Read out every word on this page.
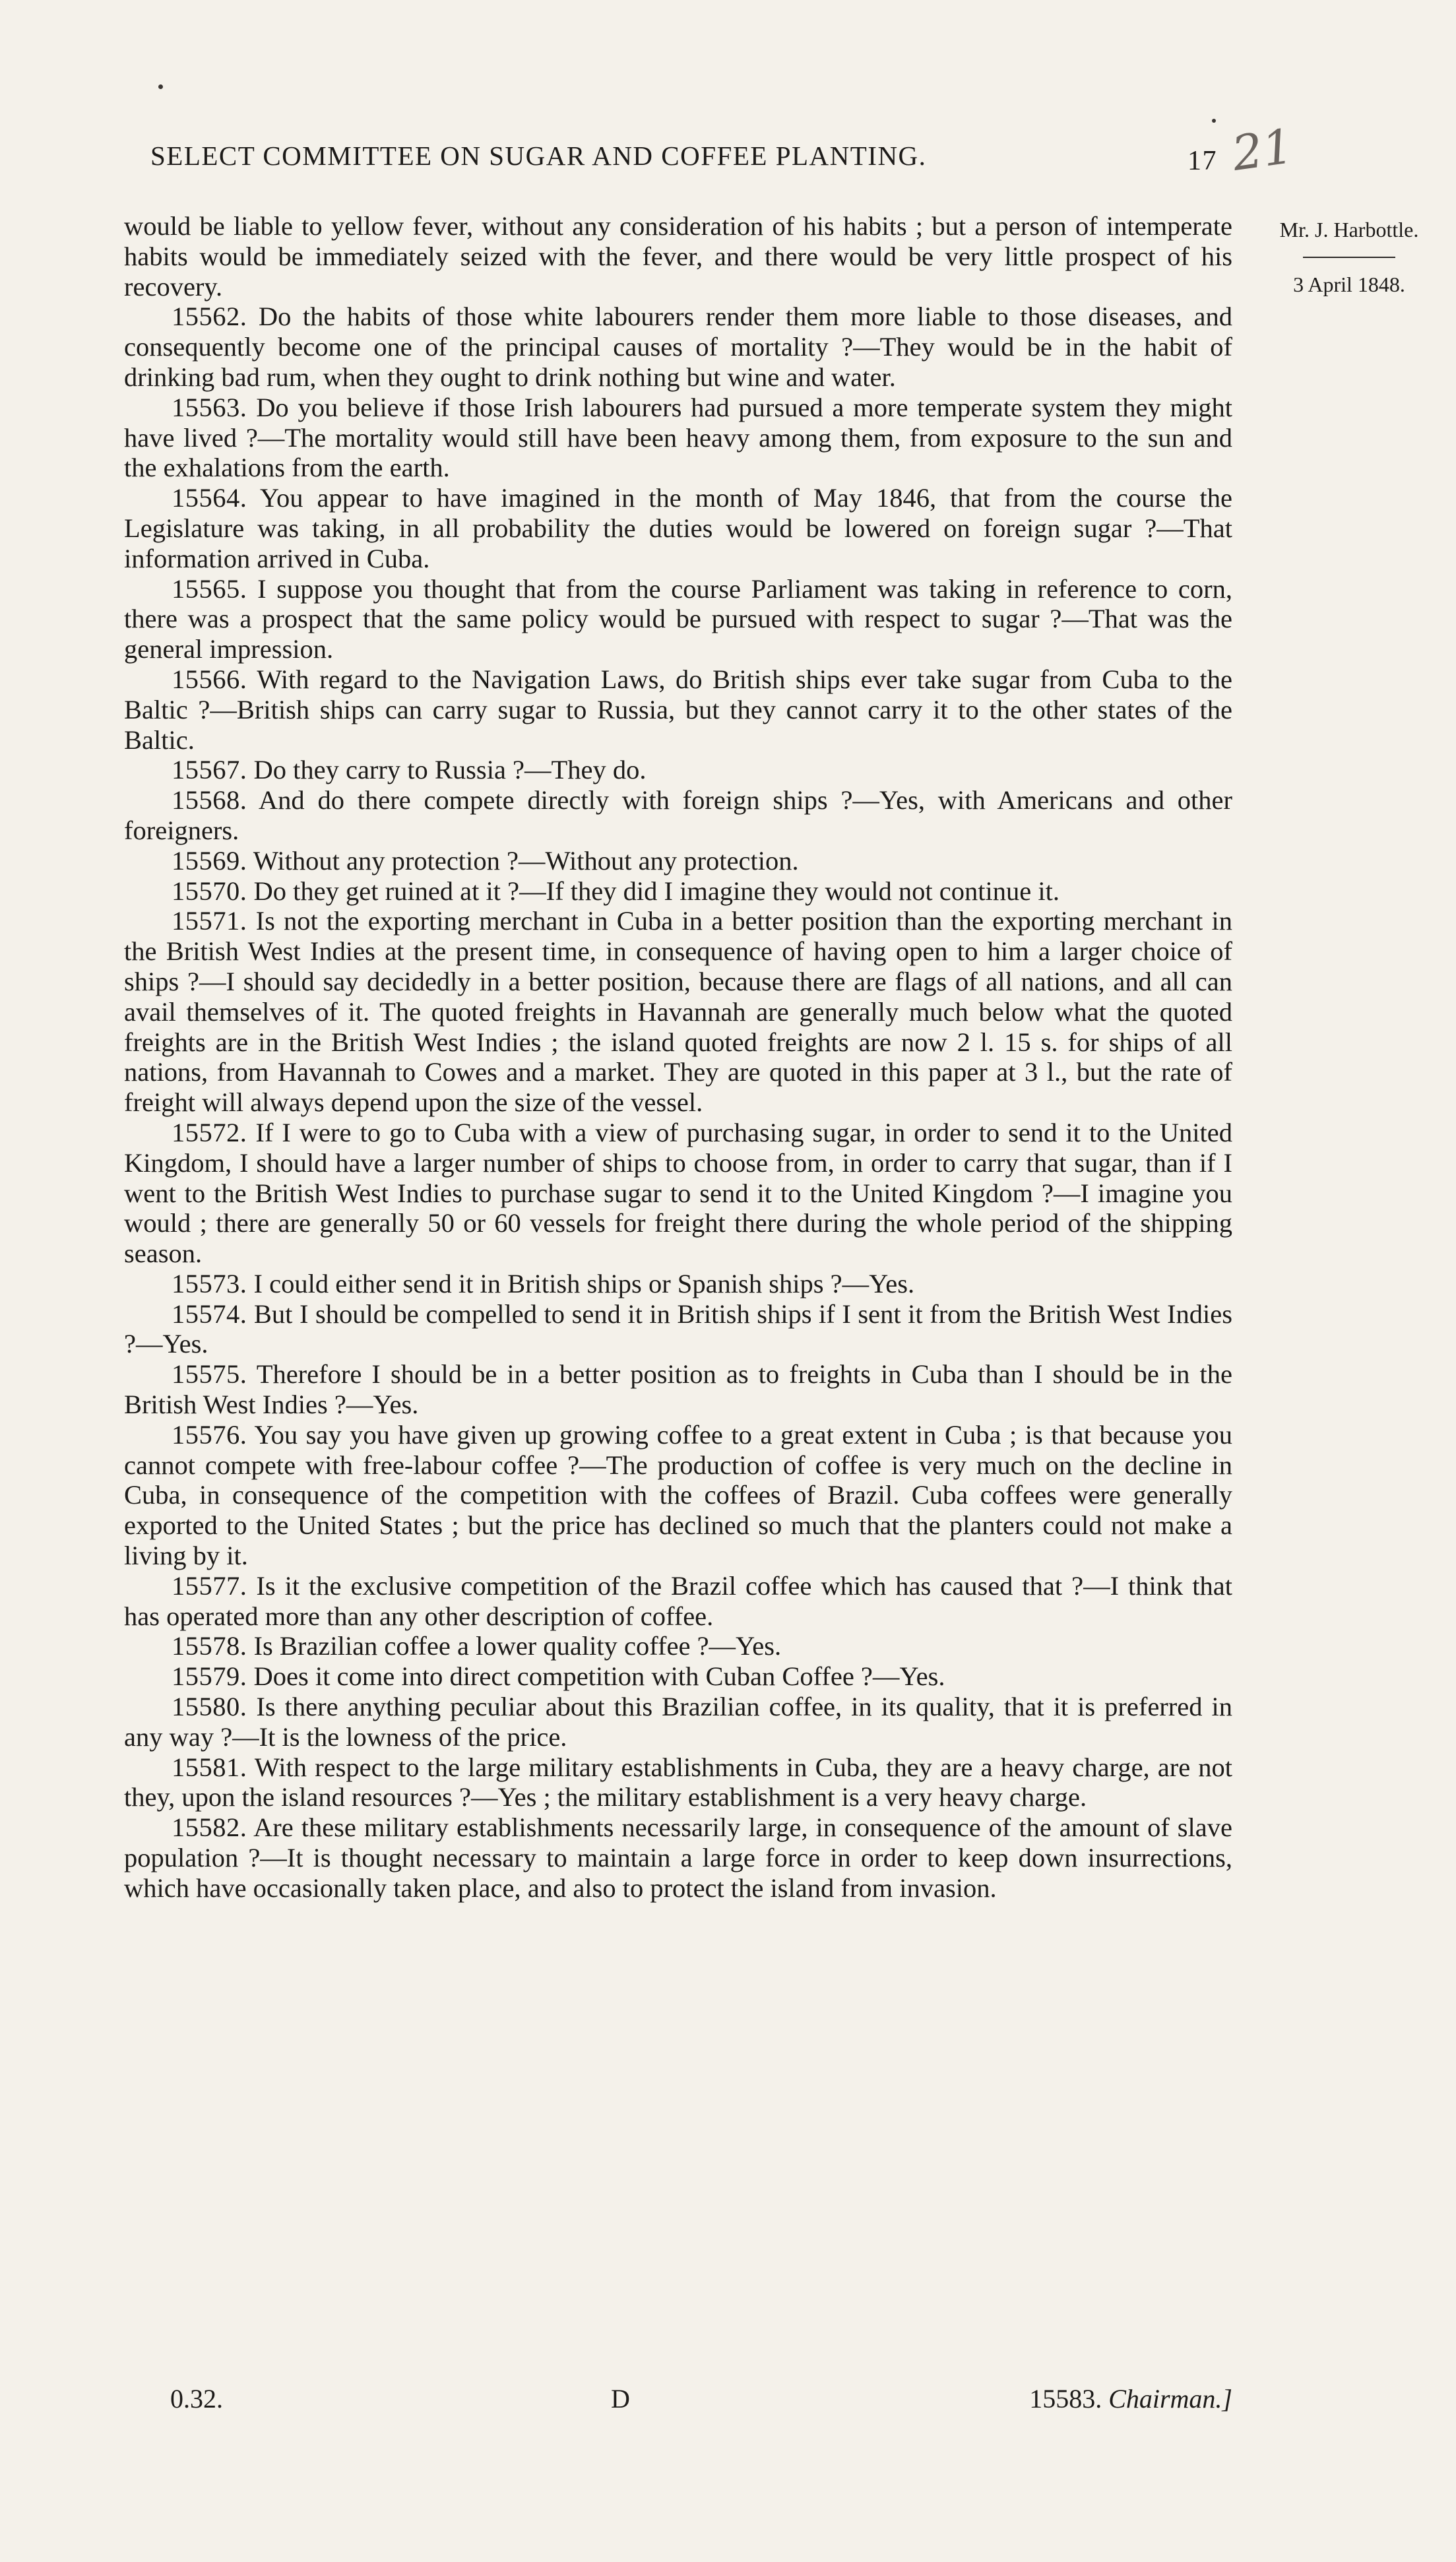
SELECT COMMITTEE ON SUGAR AND COFFEE PLANTING.	17 21
Mr. J. Harbottle.
3 April 1848.

would be liable to yellow fever, without any consideration of his habits ; but a person of intemperate habits would be immediately seized with the fever, and there would be very little prospect of his recovery.

15562. Do the habits of those white labourers render them more liable to those diseases, and consequently become one of the principal causes of mortality ?—They would be in the habit of drinking bad rum, when they ought to drink nothing but wine and water.

15563. Do you believe if those Irish labourers had pursued a more temperate system they might have lived ?—The mortality would still have been heavy among them, from exposure to the sun and the exhalations from the earth.

15564. You appear to have imagined in the month of May 1846, that from the course the Legislature was taking, in all probability the duties would be lowered on foreign sugar ?—That information arrived in Cuba.

15565. I suppose you thought that from the course Parliament was taking in reference to corn, there was a prospect that the same policy would be pursued with respect to sugar ?—That was the general impression.

15566. With regard to the Navigation Laws, do British ships ever take sugar from Cuba to the Baltic ?—British ships can carry sugar to Russia, but they cannot carry it to the other states of the Baltic.

15567. Do they carry to Russia ?—They do.

15568. And do there compete directly with foreign ships ?—Yes, with Americans and other foreigners.

15569. Without any protection ?—Without any protection.

15570. Do they get ruined at it ?—If they did I imagine they would not continue it.

15571. Is not the exporting merchant in Cuba in a better position than the exporting merchant in the British West Indies at the present time, in consequence of having open to him a larger choice of ships ?—I should say decidedly in a better position, because there are flags of all nations, and all can avail themselves of it. The quoted freights in Havannah are generally much below what the quoted freights are in the British West Indies ; the island quoted freights are now 2 l. 15 s. for ships of all nations, from Havannah to Cowes and a market. They are quoted in this paper at 3 l., but the rate of freight will always depend upon the size of the vessel.

15572. If I were to go to Cuba with a view of purchasing sugar, in order to send it to the United Kingdom, I should have a larger number of ships to choose from, in order to carry that sugar, than if I went to the British West Indies to purchase sugar to send it to the United Kingdom ?—I imagine you would ; there are generally 50 or 60 vessels for freight there during the whole period of the shipping season.

15573. I could either send it in British ships or Spanish ships ?—Yes.

15574. But I should be compelled to send it in British ships if I sent it from the British West Indies ?—Yes.

15575. Therefore I should be in a better position as to freights in Cuba than I should be in the British West Indies ?—Yes.

15576. You say you have given up growing coffee to a great extent in Cuba ; is that because you cannot compete with free-labour coffee ?—The production of coffee is very much on the decline in Cuba, in consequence of the competition with the coffees of Brazil. Cuba coffees were generally exported to the United States ; but the price has declined so much that the planters could not make a living by it.

15577. Is it the exclusive competition of the Brazil coffee which has caused that ?—I think that has operated more than any other description of coffee.

15578. Is Brazilian coffee a lower quality coffee ?—Yes.

15579. Does it come into direct competition with Cuban Coffee ?—Yes.

15580. Is there anything peculiar about this Brazilian coffee, in its quality, that it is preferred in any way ?—It is the lowness of the price.

15581. With respect to the large military establishments in Cuba, they are a heavy charge, are not they, upon the island resources ?—Yes ; the military establishment is a very heavy charge.

15582. Are these military establishments necessarily large, in consequence of the amount of slave population ?—It is thought necessary to maintain a large force in order to keep down insurrections, which have occasionally taken place, and also to protect the island from invasion.

0.32.	D	15583. Chairman.]
